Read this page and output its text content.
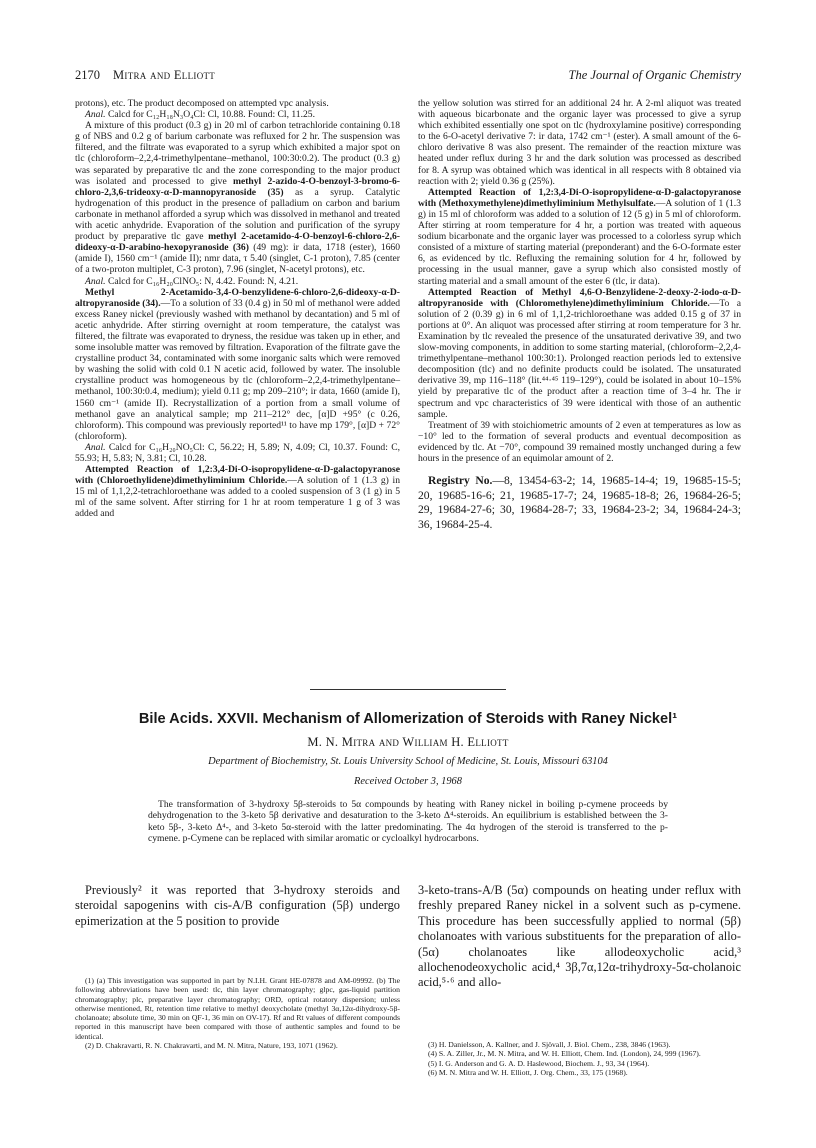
2170 Mitra and Elliott	The Journal of Organic Chemistry

protons), etc. The product decomposed on attempted vpc analysis.

Anal. Calcd for C₁₂H₁₈N₃O₄Cl: Cl, 10.88. Found: Cl, 11.25.

A mixture of this product (0.3 g) in 20 ml of carbon tetrachloride containing 0.18 g of NBS and 0.2 g of barium carbonate was refluxed for 2 hr. The suspension was filtered, and the filtrate was evaporated to a syrup which exhibited a major spot on tlc (chloroform–2,2,4-trimethylpentane–methanol, 100:30:0.2). The product (0.3 g) was separated by preparative tlc and the zone corresponding to the major product was isolated and processed to give methyl 2-azido-4-O-benzoyl-3-bromo-6-chloro-2,3,6-trideoxy-α-D-mannopyranoside (35) as a syrup. Catalytic hydrogenation of this product in the presence of palladium on carbon and barium carbonate in methanol afforded a syrup which was dissolved in methanol and treated with acetic anhydride. Evaporation of the solution and purification of the syrupy product by preparative tlc gave methyl 2-acetamido-4-O-benzoyl-6-chloro-2,6-dideoxy-α-D-arabino-hexopyranoside (36) (49 mg): ir data, 1718 (ester), 1660 (amide I), 1560 cm⁻¹ (amide II); nmr data, τ 5.40 (singlet, C-1 proton), 7.85 (center of a two-proton multiplet, C-3 proton), 7.96 (singlet, N-acetyl protons), etc.

Anal. Calcd for C₁₆H₂₀ClNO₅: N, 4.42. Found: N, 4.21.

Methyl 2-Acetamido-3,4-O-benzylidene-6-chloro-2,6-dideoxy-α-D-altropyranoside (34).—To a solution of 33 (0.4 g) in 50 ml of methanol were added excess Raney nickel (previously washed with methanol by decantation) and 5 ml of acetic anhydride. After stirring overnight at room temperature, the catalyst was filtered, the filtrate was evaporated to dryness, the residue was taken up in ether, and some insoluble matter was removed by filtration. Evaporation of the filtrate gave the crystalline product 34, contaminated with some inorganic salts which were removed by washing the solid with cold 0.1 N acetic acid, followed by water. The insoluble crystalline product was homogeneous by tlc (chloroform–2,2,4-trimethylpentane–methanol, 100:30:0.4, medium); yield 0.11 g; mp 209–210°; ir data, 1660 (amide I), 1560 cm⁻¹ (amide II). Recrystallization of a portion from a small volume of methanol gave an analytical sample; mp 211–212° dec, [α]D +95° (c 0.26, chloroform). This compound was previously reported¹¹ to have mp 179°, [α]D + 72° (chloroform).

Anal. Calcd for C₁₆H₂₀NO₅Cl: C, 56.22; H, 5.89; N, 4.09; Cl, 10.37. Found: C, 55.93; H, 5.83; N, 3.81; Cl, 10.28.

Attempted Reaction of 1,2:3,4-Di-O-isopropylidene-α-D-galactopyranose with (Chloroethylidene)dimethyliminium Chloride.—A solution of 1 (1.3 g) in 15 ml of 1,1,2,2-tetrachloroethane was added to a cooled suspension of 3 (1 g) in 5 ml of the same solvent. After stirring for 1 hr at room temperature 1 g of 3 was added and

the yellow solution was stirred for an additional 24 hr. A 2-ml aliquot was treated with aqueous bicarbonate and the organic layer was processed to give a syrup which exhibited essentially one spot on tlc (hydroxylamine positive) corresponding to the 6-O-acetyl derivative 7: ir data, 1742 cm⁻¹ (ester). A small amount of the 6-chloro derivative 8 was also present. The remainder of the reaction mixture was heated under reflux during 3 hr and the dark solution was processed as described for 8. A syrup was obtained which was identical in all respects with 8 obtained via reaction with 2; yield 0.36 g (25%).

Attempted Reaction of 1,2:3,4-Di-O-isopropylidene-α-D-galactopyranose with (Methoxymethylene)dimethyliminium Methylsulfate.—A solution of 1 (1.3 g) in 15 ml of chloroform was added to a solution of 12 (5 g) in 5 ml of chloroform. After stirring at room temperature for 4 hr, a portion was treated with aqueous sodium bicarbonate and the organic layer was processed to a colorless syrup which consisted of a mixture of starting material (preponderant) and the 6-O-formate ester 6, as evidenced by tlc. Refluxing the remaining solution for 4 hr, followed by processing in the usual manner, gave a syrup which also consisted mostly of starting material and a small amount of the ester 6 (tlc, ir data).

Attempted Reaction of Methyl 4,6-O-Benzylidene-2-deoxy-2-iodo-α-D-altropyranoside with (Chloromethylene)dimethyliminium Chloride.—To a solution of 2 (0.39 g) in 6 ml of 1,1,2-trichloroethane was added 0.15 g of 37 in portions at 0°. An aliquot was processed after stirring at room temperature for 3 hr. Examination by tlc revealed the presence of the unsaturated derivative 39, and two slow-moving components, in addition to some starting material, (chloroform–2,2,4-trimethylpentane–methanol 100:30:1). Prolonged reaction periods led to extensive decomposition (tlc) and no definite products could be isolated. The unsaturated derivative 39, mp 116–118° (lit.⁴⁴·⁴⁵ 119–129°), could be isolated in about 10–15% yield by preparative tlc of the product after a reaction time of 3–4 hr. The ir spectrum and vpc characteristics of 39 were identical with those of an authentic sample.

Treatment of 39 with stoichiometric amounts of 2 even at temperatures as low as −10° led to the formation of several products and eventual decomposition as evidenced by tlc. At −70°, compound 39 remained mostly unchanged during a few hours in the presence of an equimolar amount of 2.

Registry No.—8, 13454-63-2; 14, 19685-14-4; 19, 19685-15-5; 20, 19685-16-6; 21, 19685-17-7; 24, 19685-18-8; 26, 19684-26-5; 29, 19684-27-6; 30, 19684-28-7; 33, 19684-23-2; 34, 19684-24-3; 36, 19684-25-4.

Bile Acids. XXVII. Mechanism of Allomerization of Steroids with Raney Nickel¹
M. N. Mitra and William H. Elliott
Department of Biochemistry, St. Louis University School of Medicine, St. Louis, Missouri 63104
Received October 3, 1968
The transformation of 3-hydroxy 5β-steroids to 5α compounds by heating with Raney nickel in boiling p-cymene proceeds by dehydrogenation to the 3-keto 5β derivative and desaturation to the 3-keto Δ⁴-steroids. An equilibrium is established between the 3-keto 5β-, 3-keto Δ⁴-, and 3-keto 5α-steroid with the latter predominating. The 4α hydrogen of the steroid is transferred to the p-cymene. p-Cymene can be replaced with similar aromatic or cycloalkyl hydrocarbons.
Previously² it was reported that 3-hydroxy steroids and steroidal sapogenins with cis-A/B configuration (5β) undergo epimerization at the 5 position to provide
3-keto-trans-A/B (5α) compounds on heating under reflux with freshly prepared Raney nickel in a solvent such as p-cymene. This procedure has been successfully applied to normal (5β) cholanoates with various substituents for the preparation of allo-(5α) cholanoates like allodeoxycholic acid,³ allochenodeoxycholic acid,⁴ 3β,7α,12α-trihydroxy-5α-cholanoic acid,⁵·⁶ and allo-

(1) (a) This investigation was supported in part by N.I.H. Grant HE-07878 and AM-09992. (b) The following abbreviations have been used: tlc, thin layer chromatography; glpc, gas-liquid partition chromatography; plc, preparative layer chromatography; ORD, optical rotatory dispersion; unless otherwise mentioned, Rt, retention time relative to methyl deoxycholate (methyl 3α,12α-dihydroxy-5β-cholanoate; absolute time, 30 min on QF-1, 36 min on OV-17). Rf and Rt values of different compounds reported in this manuscript have been compared with those of authentic samples and found to be identical.

(2) D. Chakravarti, R. N. Chakravarti, and M. N. Mitra, Nature, 193, 1071 (1962).	(3) H. Danielsson, A. Kallner, and J. Sjövall, J. Biol. Chem., 238, 3846 (1963).

(4) S. A. Ziller, Jr., M. N. Mitra, and W. H. Elliott, Chem. Ind. (London), 24, 999 (1967).

(5) I. G. Anderson and G. A. D. Haslewood, Biochem. J., 93, 34 (1964).

(6) M. N. Mitra and W. H. Elliott, J. Org. Chem., 33, 175 (1968).
